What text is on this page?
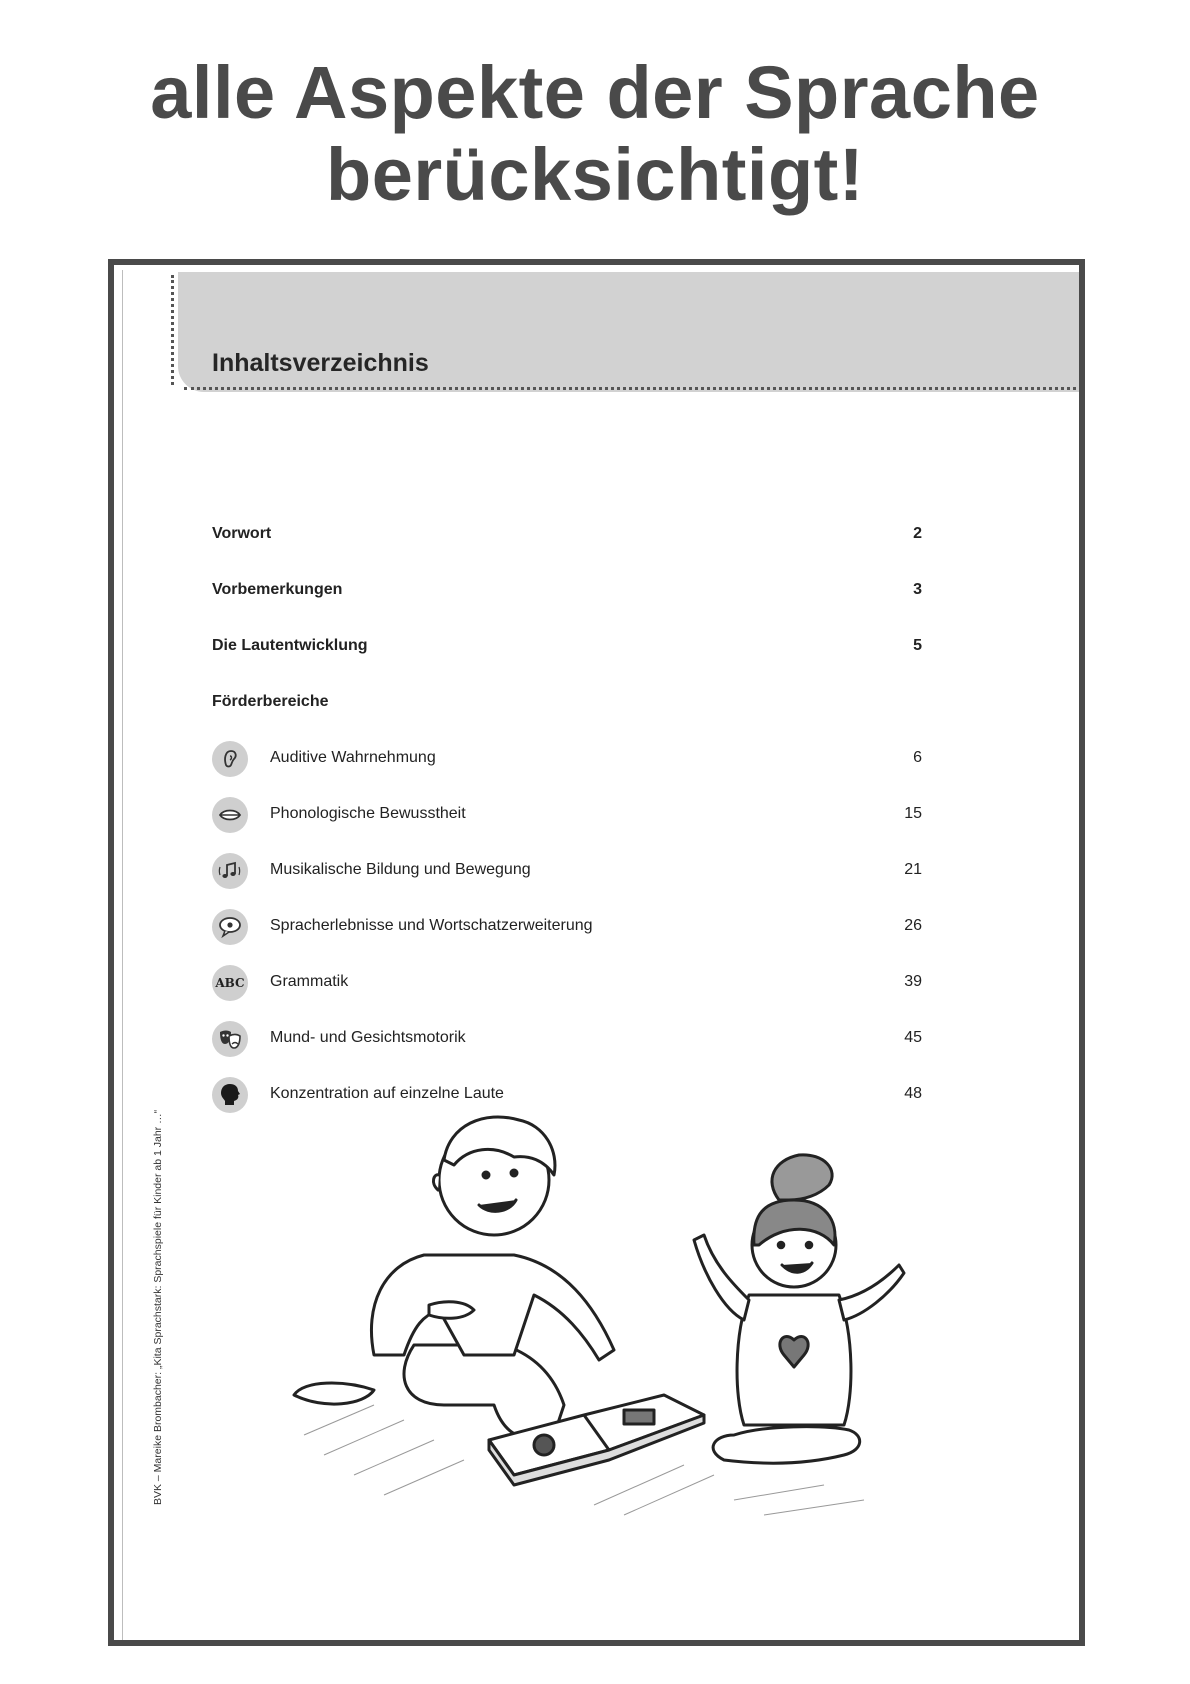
alle Aspekte der Sprache
berücksichtigt!
Inhaltsverzeichnis
Vorwort	2
Vorbemerkungen	3
Die Lautentwicklung	5
Förderbereiche
Auditive Wahrnehmung	6
Phonologische Bewusstheit	15
Musikalische Bildung und Bewegung	21
Spracherlebnisse und Wortschatzerweiterung	26
ABC Grammatik	39
Mund- und Gesichtsmotorik	45
Konzentration auf einzelne Laute	48
BVK – Mareike Brombacher: „Kita Sprachstark: Sprachspiele für Kinder ab 1 Jahr …“
